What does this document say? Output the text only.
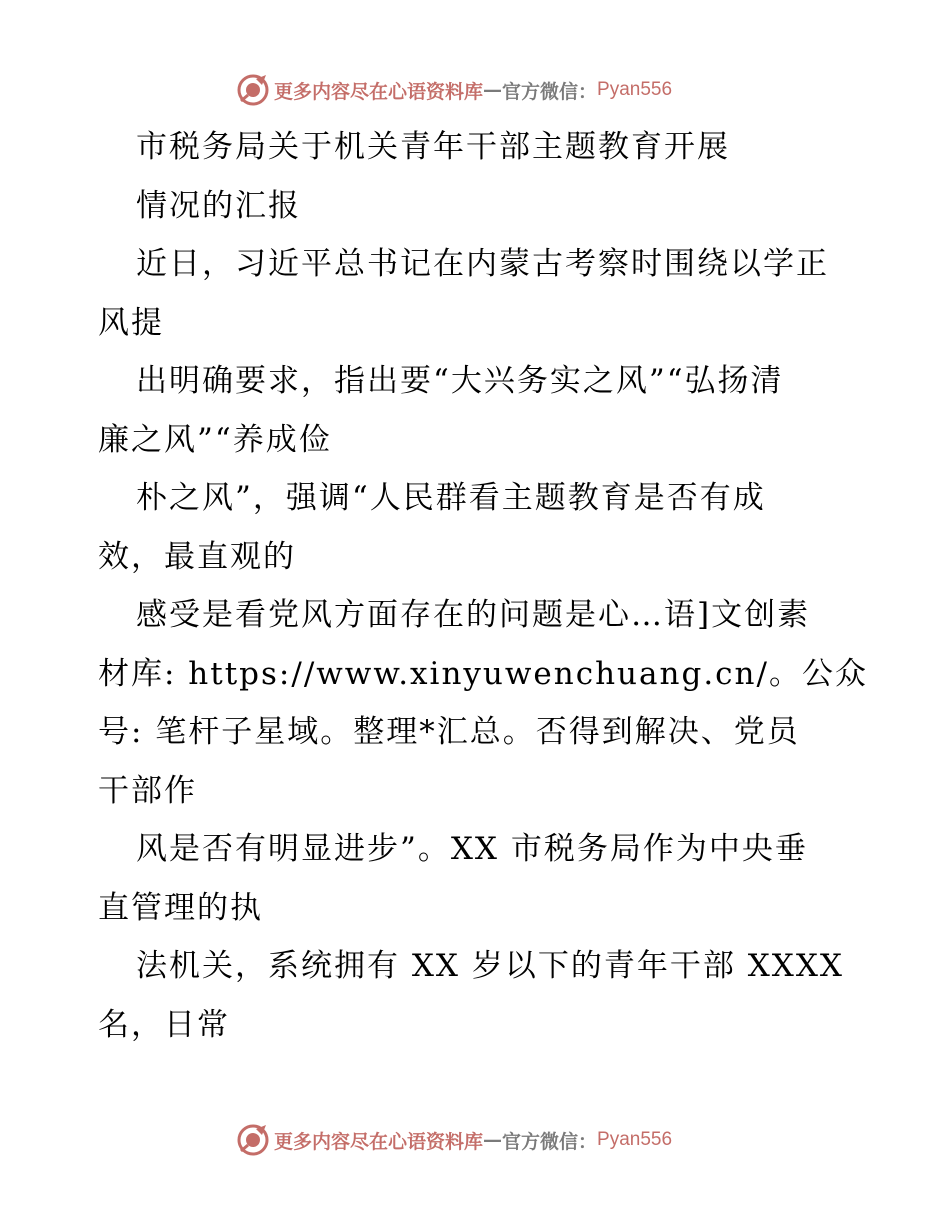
更多内容尽在心语资料库 — 官方微信： Pyan556
市税务局关于机关青年干部主题教育开展
情况的汇报
近日，习近平总书记在内蒙古考察时围绕以学正
风提
出明确要求，指出要“大兴务实之风”“弘扬清
廉之风”“养成俭
朴之风”，强调“人民群看主题教育是否有成
效，最直观的
感受是看党风方面存在的问题是心…语]文创素
材库: https://www.xinyuwenchuang.cn/。公众
号: 笔杆子星域。整理*汇总。否得到解决、党员
干部作
风是否有明显进步”。XX 市税务局作为中央垂
直管理的执
法机关，系统拥有 XX 岁以下的青年干部 XXXX
名，日常
更多内容尽在心语资料库 — 官方微信： Pyan556
